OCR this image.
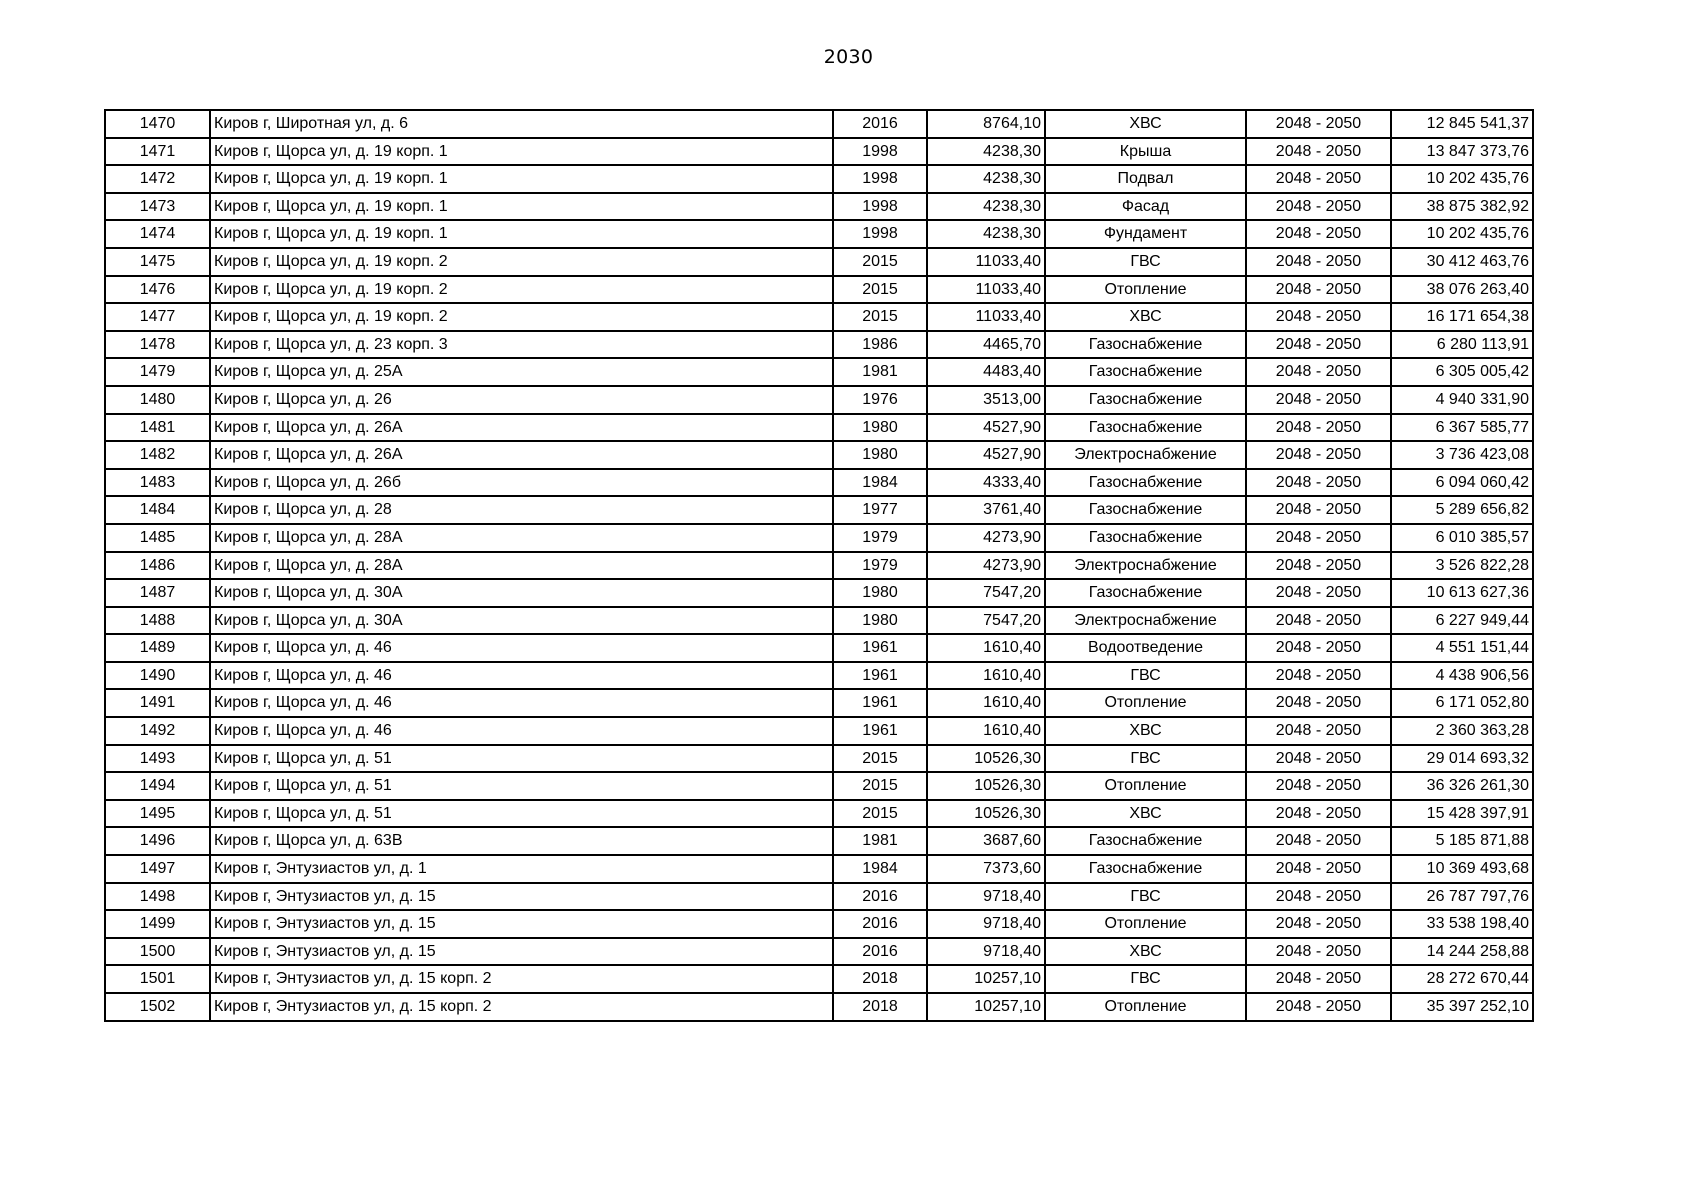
2030
1470	Киров г, Широтная ул, д. 6	2016	8764,10	ХВС	2048 - 2050	12 845 541,37
1471	Киров г, Щорса ул, д. 19 корп. 1	1998	4238,30	Крыша	2048 - 2050	13 847 373,76
1472	Киров г, Щорса ул, д. 19 корп. 1	1998	4238,30	Подвал	2048 - 2050	10 202 435,76
1473	Киров г, Щорса ул, д. 19 корп. 1	1998	4238,30	Фасад	2048 - 2050	38 875 382,92
1474	Киров г, Щорса ул, д. 19 корп. 1	1998	4238,30	Фундамент	2048 - 2050	10 202 435,76
1475	Киров г, Щорса ул, д. 19 корп. 2	2015	11033,40	ГВС	2048 - 2050	30 412 463,76
1476	Киров г, Щорса ул, д. 19 корп. 2	2015	11033,40	Отопление	2048 - 2050	38 076 263,40
1477	Киров г, Щорса ул, д. 19 корп. 2	2015	11033,40	ХВС	2048 - 2050	16 171 654,38
1478	Киров г, Щорса ул, д. 23 корп. 3	1986	4465,70	Газоснабжение	2048 - 2050	6 280 113,91
1479	Киров г, Щорса ул, д. 25А	1981	4483,40	Газоснабжение	2048 - 2050	6 305 005,42
1480	Киров г, Щорса ул, д. 26	1976	3513,00	Газоснабжение	2048 - 2050	4 940 331,90
1481	Киров г, Щорса ул, д. 26А	1980	4527,90	Газоснабжение	2048 - 2050	6 367 585,77
1482	Киров г, Щорса ул, д. 26А	1980	4527,90	Электроснабжение	2048 - 2050	3 736 423,08
1483	Киров г, Щорса ул, д. 26б	1984	4333,40	Газоснабжение	2048 - 2050	6 094 060,42
1484	Киров г, Щорса ул, д. 28	1977	3761,40	Газоснабжение	2048 - 2050	5 289 656,82
1485	Киров г, Щорса ул, д. 28А	1979	4273,90	Газоснабжение	2048 - 2050	6 010 385,57
1486	Киров г, Щорса ул, д. 28А	1979	4273,90	Электроснабжение	2048 - 2050	3 526 822,28
1487	Киров г, Щорса ул, д. 30А	1980	7547,20	Газоснабжение	2048 - 2050	10 613 627,36
1488	Киров г, Щорса ул, д. 30А	1980	7547,20	Электроснабжение	2048 - 2050	6 227 949,44
1489	Киров г, Щорса ул, д. 46	1961	1610,40	Водоотведение	2048 - 2050	4 551 151,44
1490	Киров г, Щорса ул, д. 46	1961	1610,40	ГВС	2048 - 2050	4 438 906,56
1491	Киров г, Щорса ул, д. 46	1961	1610,40	Отопление	2048 - 2050	6 171 052,80
1492	Киров г, Щорса ул, д. 46	1961	1610,40	ХВС	2048 - 2050	2 360 363,28
1493	Киров г, Щорса ул, д. 51	2015	10526,30	ГВС	2048 - 2050	29 014 693,32
1494	Киров г, Щорса ул, д. 51	2015	10526,30	Отопление	2048 - 2050	36 326 261,30
1495	Киров г, Щорса ул, д. 51	2015	10526,30	ХВС	2048 - 2050	15 428 397,91
1496	Киров г, Щорса ул, д. 63В	1981	3687,60	Газоснабжение	2048 - 2050	5 185 871,88
1497	Киров г, Энтузиастов ул, д. 1	1984	7373,60	Газоснабжение	2048 - 2050	10 369 493,68
1498	Киров г, Энтузиастов ул, д. 15	2016	9718,40	ГВС	2048 - 2050	26 787 797,76
1499	Киров г, Энтузиастов ул, д. 15	2016	9718,40	Отопление	2048 - 2050	33 538 198,40
1500	Киров г, Энтузиастов ул, д. 15	2016	9718,40	ХВС	2048 - 2050	14 244 258,88
1501	Киров г, Энтузиастов ул, д. 15 корп. 2	2018	10257,10	ГВС	2048 - 2050	28 272 670,44
1502	Киров г, Энтузиастов ул, д. 15 корп. 2	2018	10257,10	Отопление	2048 - 2050	35 397 252,10
